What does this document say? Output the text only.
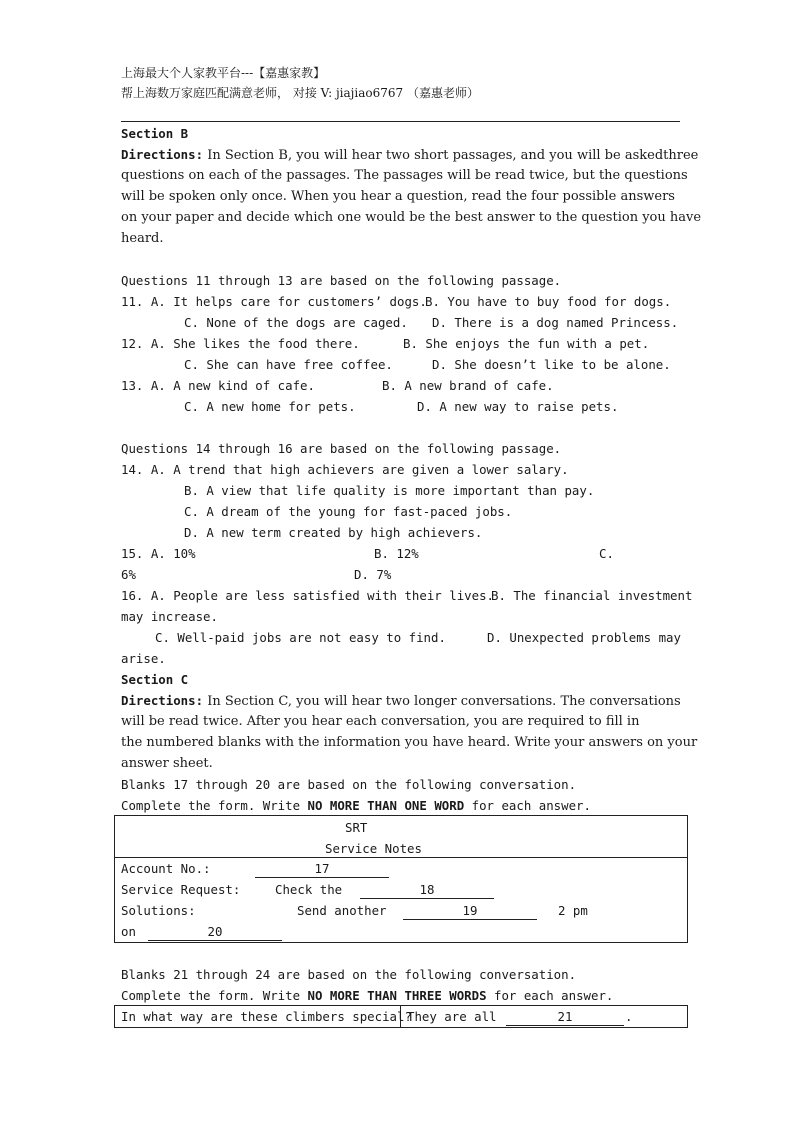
上海最大个人家教平台---【嘉惠家教】
帮上海数万家庭匹配满意老师， 对接 V: jiajiao6767 （嘉惠老师）
Section B
Directions: In Section B, you will hear two short passages, and you will be askedthree
questions on each of the passages. The passages will be read twice, but the questions
will be spoken only once. When you hear a question, read the four possible answers
on your paper and decide which one would be the best answer to the question you have
heard.
Questions 11 through 13 are based on the following passage.
11. A. It helps care for customers’ dogs.
B. You have to buy food for dogs.
C. None of the dogs are caged. D. There is a dog named Princess.
12. A. She likes the food there.	B. She enjoys the fun with a pet.
C. She can have free coffee.	D. She doesn’t like to be alone.
13. A. A new kind of cafe.	B. A new brand of cafe.
C. A new home for pets.	D. A new way to raise pets.
Questions 14 through 16 are based on the following passage.
14. A. A trend that high achievers are given a lower salary.
B. A view that life quality is more important than pay.
C. A dream of the young for fast-paced jobs.
D. A new term created by high achievers.
15. A. 10%	B. 12%	C.
6%	D. 7%
16. A. People are less satisfied with their lives.
B. The financial investment
may increase.
C. Well-paid jobs are not easy to find.	D. Unexpected problems may
arise.
Section C
Directions: In Section C, you will hear two longer conversations. The conversations
will be read twice. After you hear each conversation, you are required to fill in
the numbered blanks with the information you have heard. Write your answers on your
answer sheet.
Blanks 17 through 20 are based on the following conversation.
Complete the form. Write NO MORE THAN ONE WORD for each answer.
SRT
Service Notes
Account No.:	17
Service Request:	Check the	18
Solutions:	Send another	19	2 pm
on	20
Blanks 21 through 24 are based on the following conversation.
Complete the form. Write NO MORE THAN THREE WORDS for each answer.
In what way are these climbers special?
They are all	21	.
